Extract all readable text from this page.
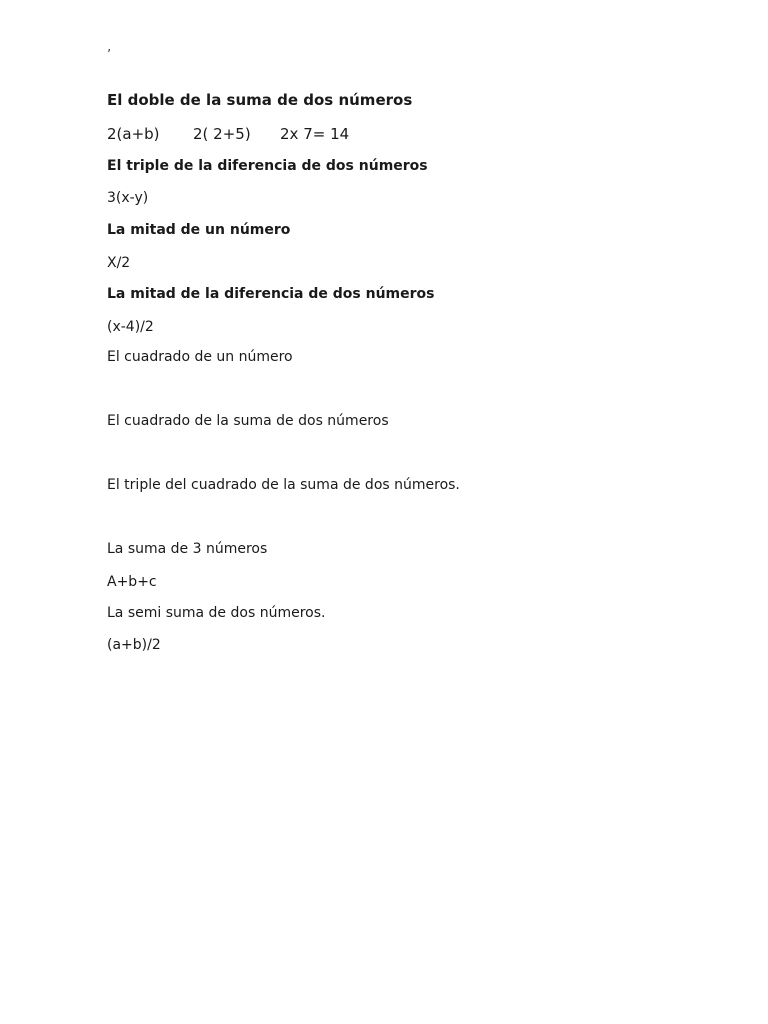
’

El doble de la suma de dos números

2(a+b) 2( 2+5) 2x 7= 14

El triple de la diferencia de dos números

3(x-y)

La mitad de un número

X/2

La mitad de la diferencia de dos números

(x-4)/2

El cuadrado de un número

El cuadrado de la suma de dos números

El triple del cuadrado de la suma de dos números.

La suma de 3 números

A+b+c

La semi suma de dos números.

(a+b)/2
